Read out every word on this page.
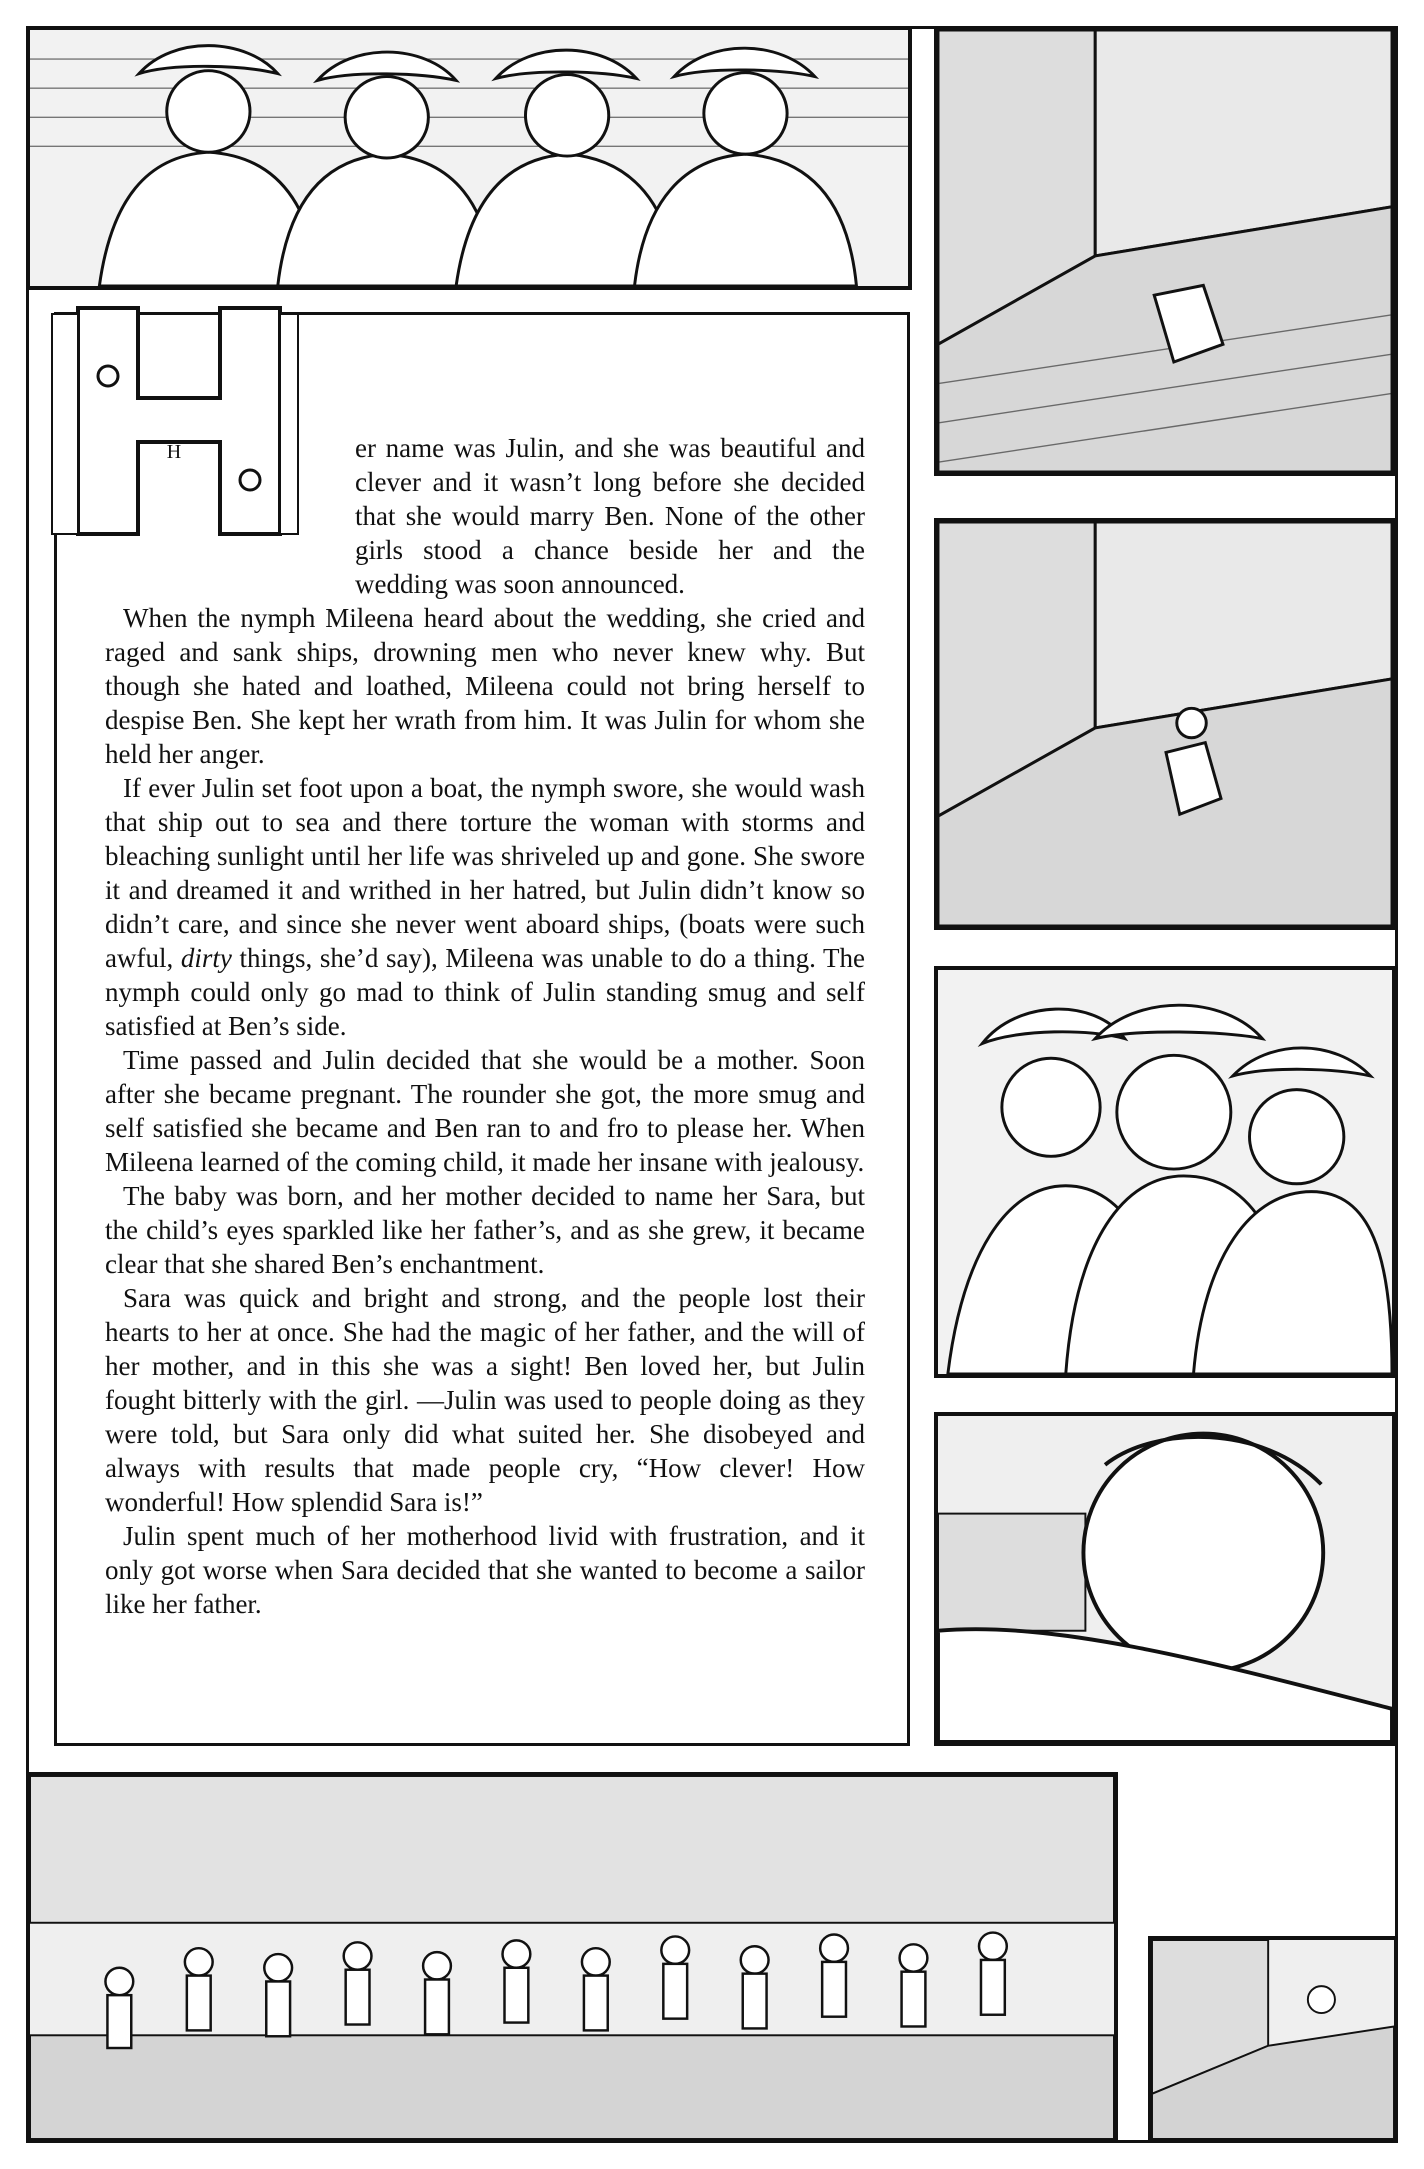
er name was Julin, and she was beautiful and clever and it wasn’t long before she decided that she would marry Ben. None of the other girls stood a chance beside her and the wedding was soon announced.

When the nymph Mileena heard about the wedding, she cried and raged and sank ships, drowning men who never knew why. But though she hated and loathed, Mileena could not bring herself to despise Ben. She kept her wrath from him. It was Julin for whom she held her anger.

If ever Julin set foot upon a boat, the nymph swore, she would wash that ship out to sea and there torture the woman with storms and bleaching sunlight until her life was shriveled up and gone. She swore it and dreamed it and writhed in her hatred, but Julin didn’t know so didn’t care, and since she never went aboard ships, (boats were such awful, dirty things, she’d say), Mileena was unable to do a thing. The nymph could only go mad to think of Julin standing smug and self satisfied at Ben’s side.

Time passed and Julin decided that she would be a mother. Soon after she became pregnant. The rounder she got, the more smug and self satisfied she became and Ben ran to and fro to please her. When Mileena learned of the coming child, it made her insane with jealousy.

The baby was born, and her mother decided to name her Sara, but the child’s eyes sparkled like her father’s, and as she grew, it became clear that she shared Ben’s enchantment.

Sara was quick and bright and strong, and the people lost their hearts to her at once. She had the magic of her father, and the will of her mother, and in this she was a sight! Ben loved her, but Julin fought bitterly with the girl. —Julin was used to people doing as they were told, but Sara only did what suited her. She disobeyed and always with results that made people cry, “How clever! How wonderful! How splendid Sara is!”

Julin spent much of her motherhood livid with frustration, and it only got worse when Sara decided that she wanted to become a sailor like her father.

H
